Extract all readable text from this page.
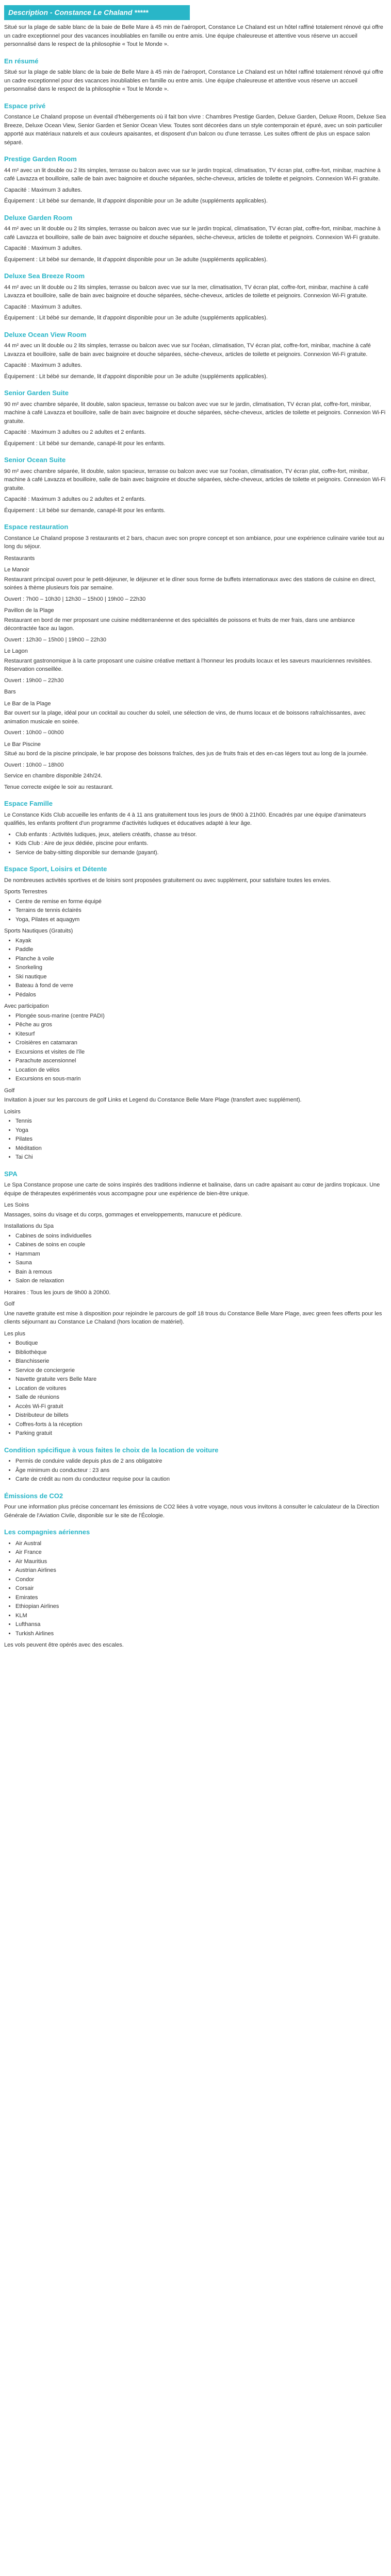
Description - Constance Le Chaland *****

Situé sur la plage de sable blanc de la baie de Belle Mare à 45 min de l'aéroport, Constance Le Chaland est un hôtel raffiné totalement rénové qui offre un cadre exceptionnel pour des vacances inoubliables en famille ou entre amis. Une équipe chaleureuse et attentive vous réserve un accueil personnalisé dans le respect de la philosophie « Tout le Monde ».

En résumé

Situé sur la plage de sable blanc de la baie de Belle Mare à 45 min de l'aéroport, Constance Le Chaland est un hôtel raffiné totalement rénové qui offre un cadre exceptionnel pour des vacances inoubliables en famille ou entre amis. Une équipe chaleureuse et attentive vous réserve un accueil personnalisé dans le respect de la philosophie « Tout le Monde ».

Espace privé

Constance Le Chaland propose un éventail d'hébergements où il fait bon vivre : Chambres Prestige Garden, Deluxe Garden, Deluxe Room, Deluxe Sea Breeze, Deluxe Ocean View, Senior Garden et Senior Ocean View. Toutes sont décorées dans un style contemporain et épuré, avec un soin particulier apporté aux matériaux naturels et aux couleurs apaisantes, et disposent d'un balcon ou d'une terrasse. Les suites offrent de plus un espace salon séparé.

Prestige Garden Room

44 m² avec un lit double ou 2 lits simples, terrasse ou balcon avec vue sur le jardin tropical, climatisation, TV écran plat, coffre-fort, minibar, machine à café Lavazza et bouilloire, salle de bain avec baignoire et douche séparées, sèche-cheveux, articles de toilette et peignoirs. Connexion Wi-Fi gratuite.

Capacité : Maximum 3 adultes.

Équipement : Lit bébé sur demande, lit d'appoint disponible pour un 3e adulte (suppléments applicables).

Deluxe Garden Room

44 m² avec un lit double ou 2 lits simples, terrasse ou balcon avec vue sur le jardin tropical, climatisation, TV écran plat, coffre-fort, minibar, machine à café Lavazza et bouilloire, salle de bain avec baignoire et douche séparées, sèche-cheveux, articles de toilette et peignoirs. Connexion Wi-Fi gratuite.

Capacité : Maximum 3 adultes.

Équipement : Lit bébé sur demande, lit d'appoint disponible pour un 3e adulte (suppléments applicables).

Deluxe Sea Breeze Room

44 m² avec un lit double ou 2 lits simples, terrasse ou balcon avec vue sur la mer, climatisation, TV écran plat, coffre-fort, minibar, machine à café Lavazza et bouilloire, salle de bain avec baignoire et douche séparées, sèche-cheveux, articles de toilette et peignoirs. Connexion Wi-Fi gratuite.

Capacité : Maximum 3 adultes.

Équipement : Lit bébé sur demande, lit d'appoint disponible pour un 3e adulte (suppléments applicables).

Deluxe Ocean View Room

44 m² avec un lit double ou 2 lits simples, terrasse ou balcon avec vue sur l'océan, climatisation, TV écran plat, coffre-fort, minibar, machine à café Lavazza et bouilloire, salle de bain avec baignoire et douche séparées, sèche-cheveux, articles de toilette et peignoirs. Connexion Wi-Fi gratuite.

Capacité : Maximum 3 adultes.

Équipement : Lit bébé sur demande, lit d'appoint disponible pour un 3e adulte (suppléments applicables).

Senior Garden Suite

90 m² avec chambre séparée, lit double, salon spacieux, terrasse ou balcon avec vue sur le jardin, climatisation, TV écran plat, coffre-fort, minibar, machine à café Lavazza et bouilloire, salle de bain avec baignoire et douche séparées, sèche-cheveux, articles de toilette et peignoirs. Connexion Wi-Fi gratuite.

Capacité : Maximum 3 adultes ou 2 adultes et 2 enfants.

Équipement : Lit bébé sur demande, canapé-lit pour les enfants.

Senior Ocean Suite

90 m² avec chambre séparée, lit double, salon spacieux, terrasse ou balcon avec vue sur l'océan, climatisation, TV écran plat, coffre-fort, minibar, machine à café Lavazza et bouilloire, salle de bain avec baignoire et douche séparées, sèche-cheveux, articles de toilette et peignoirs. Connexion Wi-Fi gratuite.

Capacité : Maximum 3 adultes ou 2 adultes et 2 enfants.

Équipement : Lit bébé sur demande, canapé-lit pour les enfants.

Espace restauration

Constance Le Chaland propose 3 restaurants et 2 bars, chacun avec son propre concept et son ambiance, pour une expérience culinaire variée tout au long du séjour.

Restaurants

Le Manoir

Restaurant principal ouvert pour le petit-déjeuner, le déjeuner et le dîner sous forme de buffets internationaux avec des stations de cuisine en direct, soirées à thème plusieurs fois par semaine.

Ouvert : 7h00 – 10h30 | 12h30 – 15h00 | 19h00 – 22h30

Pavillon de la Plage

Restaurant en bord de mer proposant une cuisine méditerranéenne et des spécialités de poissons et fruits de mer frais, dans une ambiance décontractée face au lagon.

Ouvert : 12h30 – 15h00 | 19h00 – 22h30

Le Lagon

Restaurant gastronomique à la carte proposant une cuisine créative mettant à l'honneur les produits locaux et les saveurs mauriciennes revisitées. Réservation conseillée.

Ouvert : 19h00 – 22h30

Bars

Le Bar de la Plage

Bar ouvert sur la plage, idéal pour un cocktail au coucher du soleil, une sélection de vins, de rhums locaux et de boissons rafraîchissantes, avec animation musicale en soirée.

Ouvert : 10h00 – 00h00

Le Bar Piscine

Situé au bord de la piscine principale, le bar propose des boissons fraîches, des jus de fruits frais et des en-cas légers tout au long de la journée.

Ouvert : 10h00 – 18h00

Service en chambre disponible 24h/24.

Tenue correcte exigée le soir au restaurant.

Espace Famille

Le Constance Kids Club accueille les enfants de 4 à 11 ans gratuitement tous les jours de 9h00 à 21h00. Encadrés par une équipe d'animateurs qualifiés, les enfants profitent d'un programme d'activités ludiques et éducatives adapté à leur âge.

• Club enfants : Activités ludiques, jeux, ateliers créatifs, chasse au trésor.
• Kids Club : Aire de jeux dédiée, piscine pour enfants.
• Service de baby-sitting disponible sur demande (payant).
Espace Sport, Loisirs et Détente

De nombreuses activités sportives et de loisirs sont proposées gratuitement ou avec supplément, pour satisfaire toutes les envies.

Sports Terrestres

• Centre de remise en forme équipé
• Terrains de tennis éclairés
• Yoga, Pilates et aquagym

Sports Nautiques (Gratuits)

• Kayak
• Paddle
• Planche à voile
• Snorkeling
• Ski nautique
• Bateau à fond de verre
• Pédalos

Avec participation

• Plongée sous-marine (centre PADI)
• Pêche au gros
• Kitesurf
• Croisières en catamaran
• Excursions et visites de l'île
• Parachute ascensionnel
• Location de vélos
• Excursions en sous-marin

Golf

Invitation à jouer sur les parcours de golf Links et Legend du Constance Belle Mare Plage (transfert avec supplément).

Loisirs

• Tennis
• Yoga
• Pilates
• Méditation
• Tai Chi
SPA

Le Spa Constance propose une carte de soins inspirés des traditions indienne et balinaise, dans un cadre apaisant au cœur de jardins tropicaux. Une équipe de thérapeutes expérimentés vous accompagne pour une expérience de bien-être unique.

Les Soins

Massages, soins du visage et du corps, gommages et enveloppements, manucure et pédicure.

Installations du Spa

• Cabines de soins individuelles
• Cabines de soins en couple
• Hammam
• Sauna
• Bain à remous
• Salon de relaxation

Horaires : Tous les jours de 9h00 à 20h00.

Golf

Une navette gratuite est mise à disposition pour rejoindre le parcours de golf 18 trous du Constance Belle Mare Plage, avec green fees offerts pour les clients séjournant au Constance Le Chaland (hors location de matériel).

Les plus

• Boutique
• Bibliothèque
• Blanchisserie
• Service de conciergerie
• Navette gratuite vers Belle Mare
• Location de voitures
• Salle de réunions
• Accès Wi-Fi gratuit
• Distributeur de billets
• Coffres-forts à la réception
• Parking gratuit
Condition spécifique à vous faites le choix de la location de voiture
• Permis de conduire valide depuis plus de 2 ans obligatoire
• Âge minimum du conducteur : 23 ans
• Carte de crédit au nom du conducteur requise pour la caution
Émissions de CO2

Pour une information plus précise concernant les émissions de CO2 liées à votre voyage, nous vous invitons à consulter le calculateur de la Direction Générale de l'Aviation Civile, disponible sur le site de l'Écologie.

Les compagnies aériennes
• Air Austral
• Air France
• Air Mauritius
• Austrian Airlines
• Condor
• Corsair
• Emirates
• Ethiopian Airlines
• KLM
• Lufthansa
• Turkish Airlines

Les vols peuvent être opérés avec des escales.
